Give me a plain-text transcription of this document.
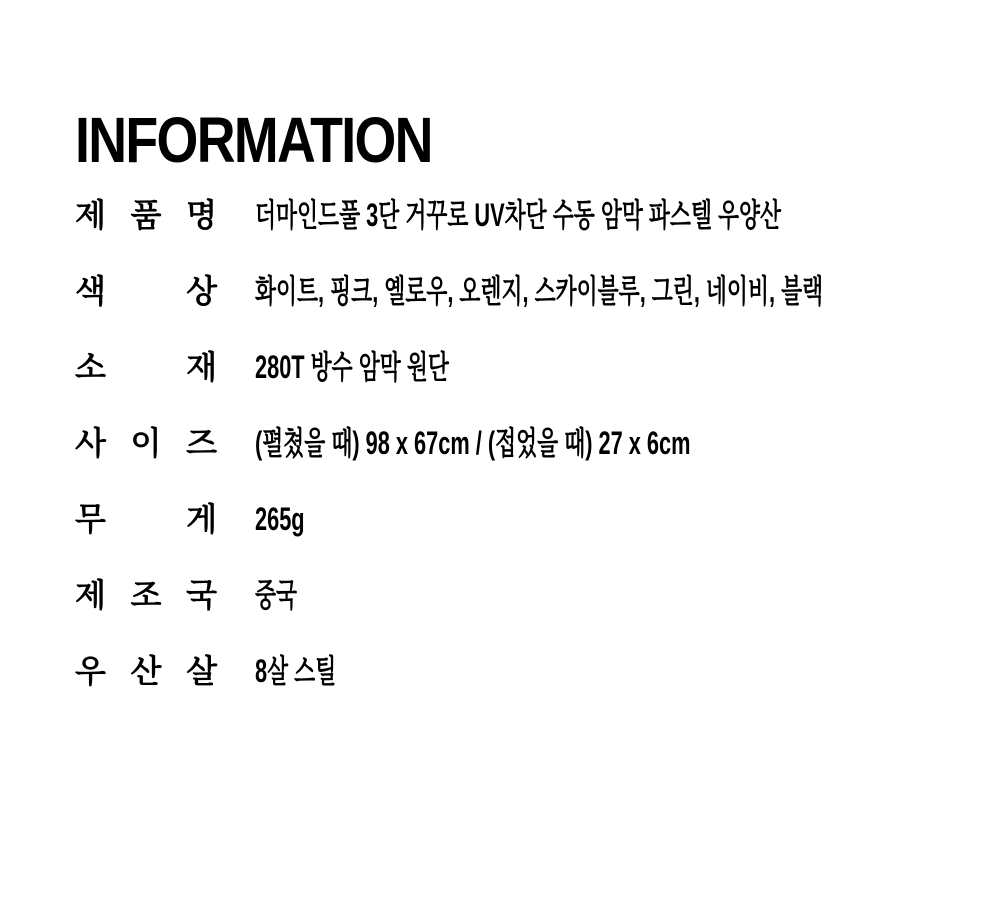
INFORMATION
제 품 명 더마인드풀 3단 거꾸로 UV차단 수동 암막 파스텔 우양산
색	상 화이트, 핑크, 옐로우, 오렌지, 스카이블루, 그린, 네이비, 블랙
소	재 280T 방수 암막 원단
사 이 즈 (펼쳤을 때) 98 x 67cm / (접었을 때) 27 x 6cm
무	게 265g
제 조 국 중국
우 산 살 8살 스틸
